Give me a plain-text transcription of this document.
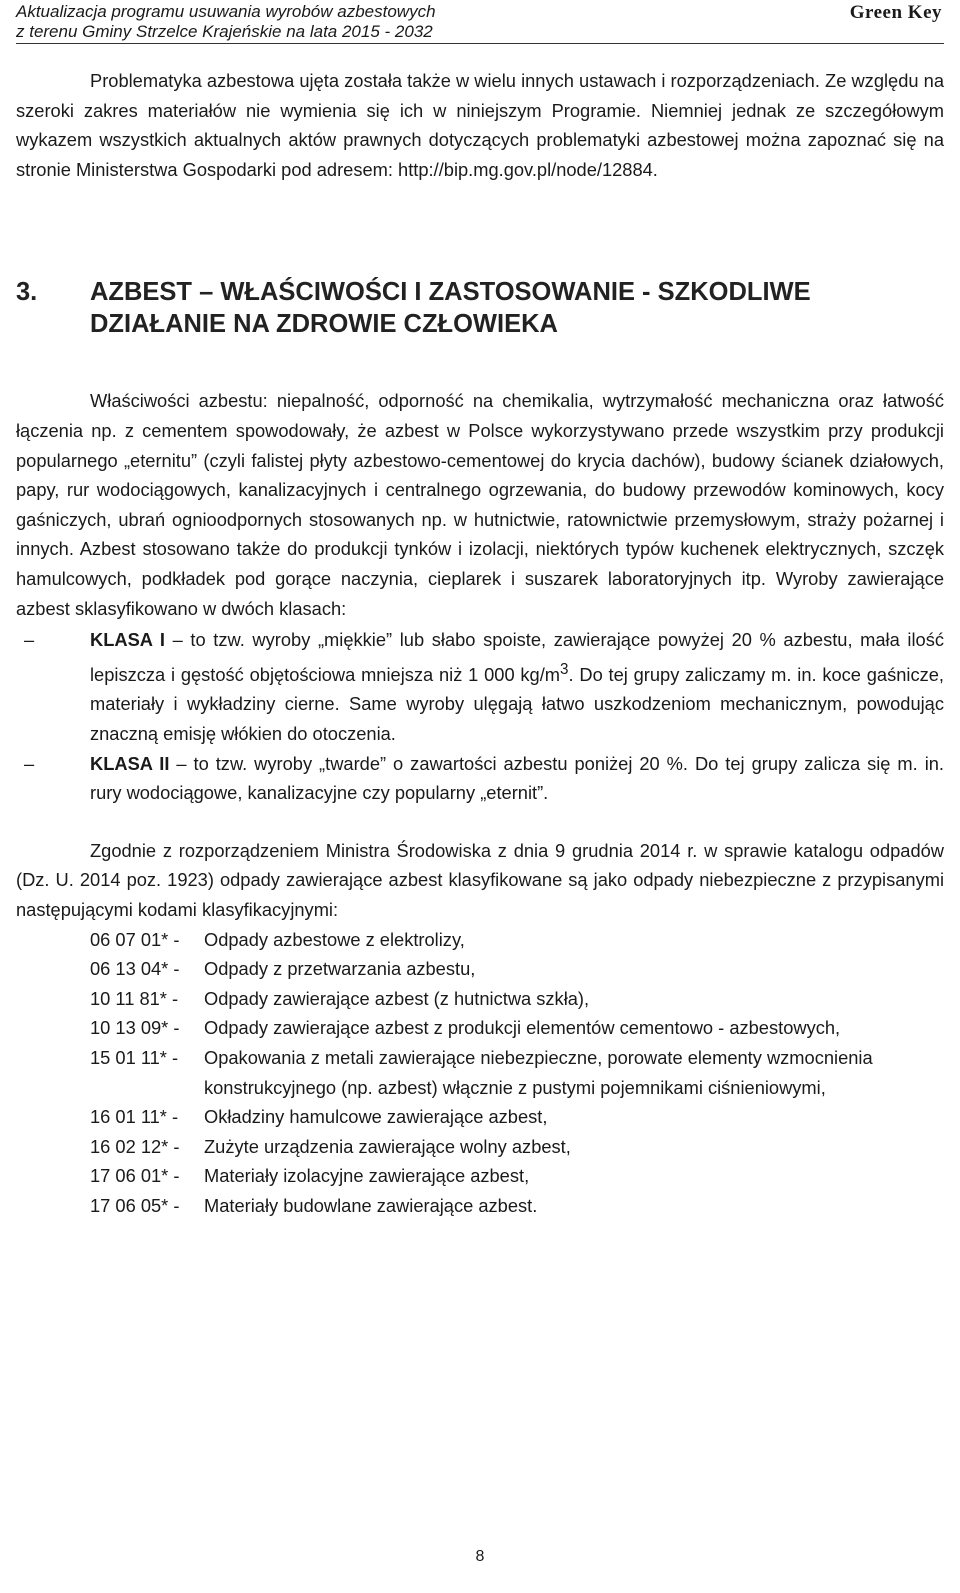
Aktualizacja programu usuwania wyrobów azbestowych
z terenu Gminy Strzelce Krajeńskie na lata 2015 - 2032
Green Key

Problematyka azbestowa ujęta została także w wielu innych ustawach i rozporządzeniach. Ze względu na szeroki zakres materiałów nie wymienia się ich w niniejszym Programie. Niemniej jednak ze szczegółowym wykazem wszystkich aktualnych aktów prawnych dotyczących problematyki azbestowej można zapoznać się na stronie Ministerstwa Gospodarki pod adresem: http://bip.mg.gov.pl/node/12884.

3. AZBEST – WŁAŚCIWOŚCI I ZASTOSOWANIE - SZKODLIWE
DZIAŁANIE NA ZDROWIE CZŁOWIEKA

Właściwości azbestu: niepalność, odporność na chemikalia, wytrzymałość mechaniczna oraz łatwość łączenia np. z cementem spowodowały, że azbest w Polsce wykorzystywano przede wszystkim przy produkcji popularnego „eternitu” (czyli falistej płyty azbestowo-cementowej do krycia dachów), budowy ścianek działowych, papy, rur wodociągowych, kanalizacyjnych i centralnego ogrzewania, do budowy przewodów kominowych, kocy gaśniczych, ubrań ognioodpornych stosowanych np. w hutnictwie, ratownictwie przemysłowym, straży pożarnej i innych. Azbest stosowano także do produkcji tynków i izolacji, niektórych typów kuchenek elektrycznych, szczęk hamulcowych, podkładek pod gorące naczynia, cieplarek i suszarek laboratoryjnych itp. Wyroby zawierające azbest sklasyfikowano w dwóch klasach:

–	KLASA I – to tzw. wyroby „miękkie” lub słabo spoiste, zawierające powyżej 20 % azbestu, mała ilość lepiszcza i gęstość objętościowa mniejsza niż 1 000 $kg/m^3$. Do tej grupy zaliczamy m. in. koce gaśnicze, materiały i wykładziny cierne. Same wyroby ulęgają łatwo uszkodzeniom mechanicznym, powodując znaczną emisję włókien do otoczenia.
–	KLASA II – to tzw. wyroby „twarde” o zawartości azbestu poniżej 20 %. Do tej grupy zalicza się m. in. rury wodociągowe, kanalizacyjne czy popularny „eternit”.

Zgodnie z rozporządzeniem Ministra Środowiska z dnia 9 grudnia 2014 r. w sprawie katalogu odpadów (Dz. U. 2014 poz. 1923) odpady zawierające azbest klasyfikowane są jako odpady niebezpieczne z przypisanymi następującymi kodami klasyfikacyjnymi:

06 07 01* - Odpady azbestowe z elektrolizy,
06 13 04* - Odpady z przetwarzania azbestu,
10 11 81* - Odpady zawierające azbest (z hutnictwa szkła),
10 13 09* - Odpady zawierające azbest z produkcji elementów cementowo - azbestowych,
15 01 11* - Opakowania z metali zawierające niebezpieczne, porowate elementy wzmocnienia konstrukcyjnego (np. azbest) włącznie z pustymi pojemnikami ciśnieniowymi,
16 01 11* - Okładziny hamulcowe zawierające azbest,
16 02 12* - Zużyte urządzenia zawierające wolny azbest,
17 06 01* - Materiały izolacyjne zawierające azbest,
17 06 05* - Materiały budowlane zawierające azbest.
8
